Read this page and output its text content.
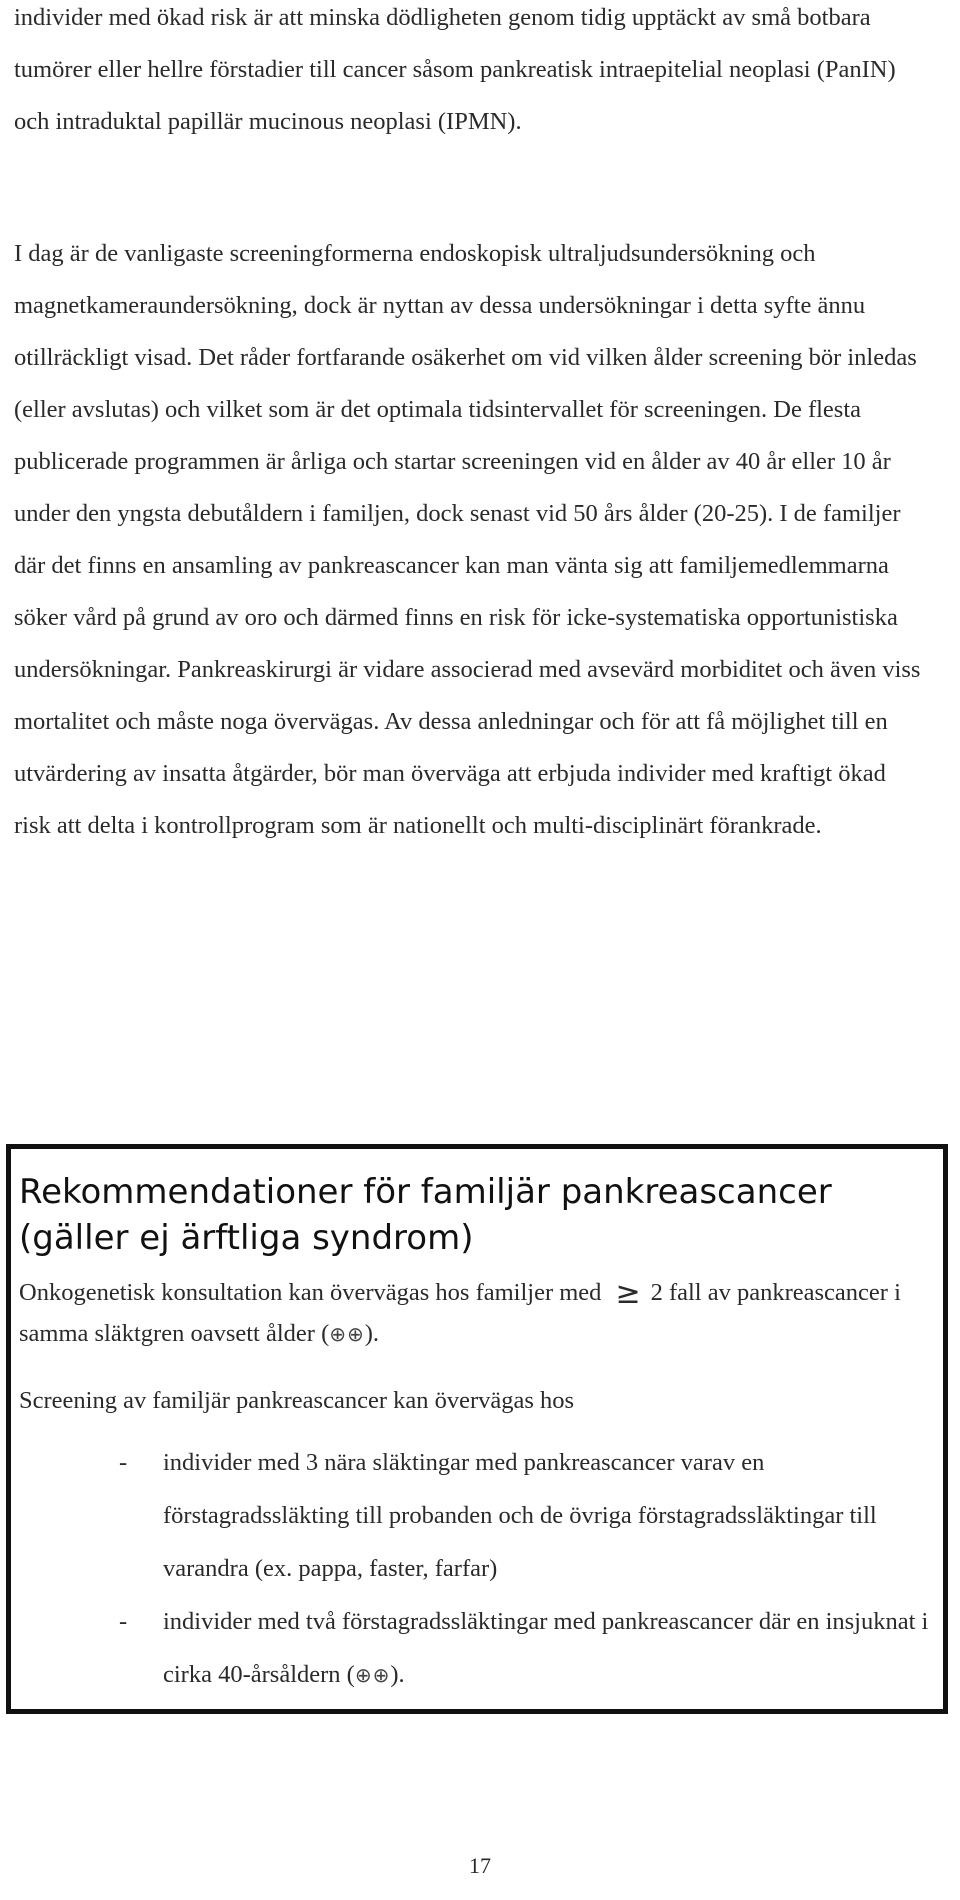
individer med ökad risk är att minska dödligheten genom tidig upptäckt av små botbara tumörer eller hellre förstadier till cancer såsom pankreatisk intraepitelial neoplasi (PanIN) och intraduktal papillär mucinous neoplasi (IPMN).

I dag är de vanligaste screeningformerna endoskopisk ultraljudsundersökning och magnetkameraundersökning, dock är nyttan av dessa undersökningar i detta syfte ännu otillräckligt visad. Det råder fortfarande osäkerhet om vid vilken ålder screening bör inledas (eller avslutas) och vilket som är det optimala tidsintervallet för screeningen. De flesta publicerade programmen är årliga och startar screeningen vid en ålder av 40 år eller 10 år under den yngsta debutåldern i familjen, dock senast vid 50 års ålder (20-25). I de familjer där det finns en ansamling av pankreascancer kan man vänta sig att familjemedlemmarna söker vård på grund av oro och därmed finns en risk för icke-systematiska opportunistiska undersökningar. Pankreaskirurgi är vidare associerad med avsevärd morbiditet och även viss mortalitet och måste noga övervägas. Av dessa anledningar och för att få möjlighet till en utvärdering av insatta åtgärder, bör man överväga att erbjuda individer med kraftigt ökad risk att delta i kontrollprogram som är nationellt och multi-disciplinärt förankrade.

Rekommendationer för familjär pankreascancer (gäller ej ärftliga syndrom)

Onkogenetisk konsultation kan övervägas hos familjer med ≥ 2 fall av pankreascancer i samma släktgren oavsett ålder (⊕⊕).

Screening av familjär pankreascancer kan övervägas hos

- individer med 3 nära släktingar med pankreascancer varav en förstagradssläkting till probanden och de övriga förstagradssläktingar till varandra (ex. pappa, faster, farfar)
- individer med två förstagradssläktingar med pankreascancer där en insjuknat i cirka 40-årsåldern (⊕⊕).
17
